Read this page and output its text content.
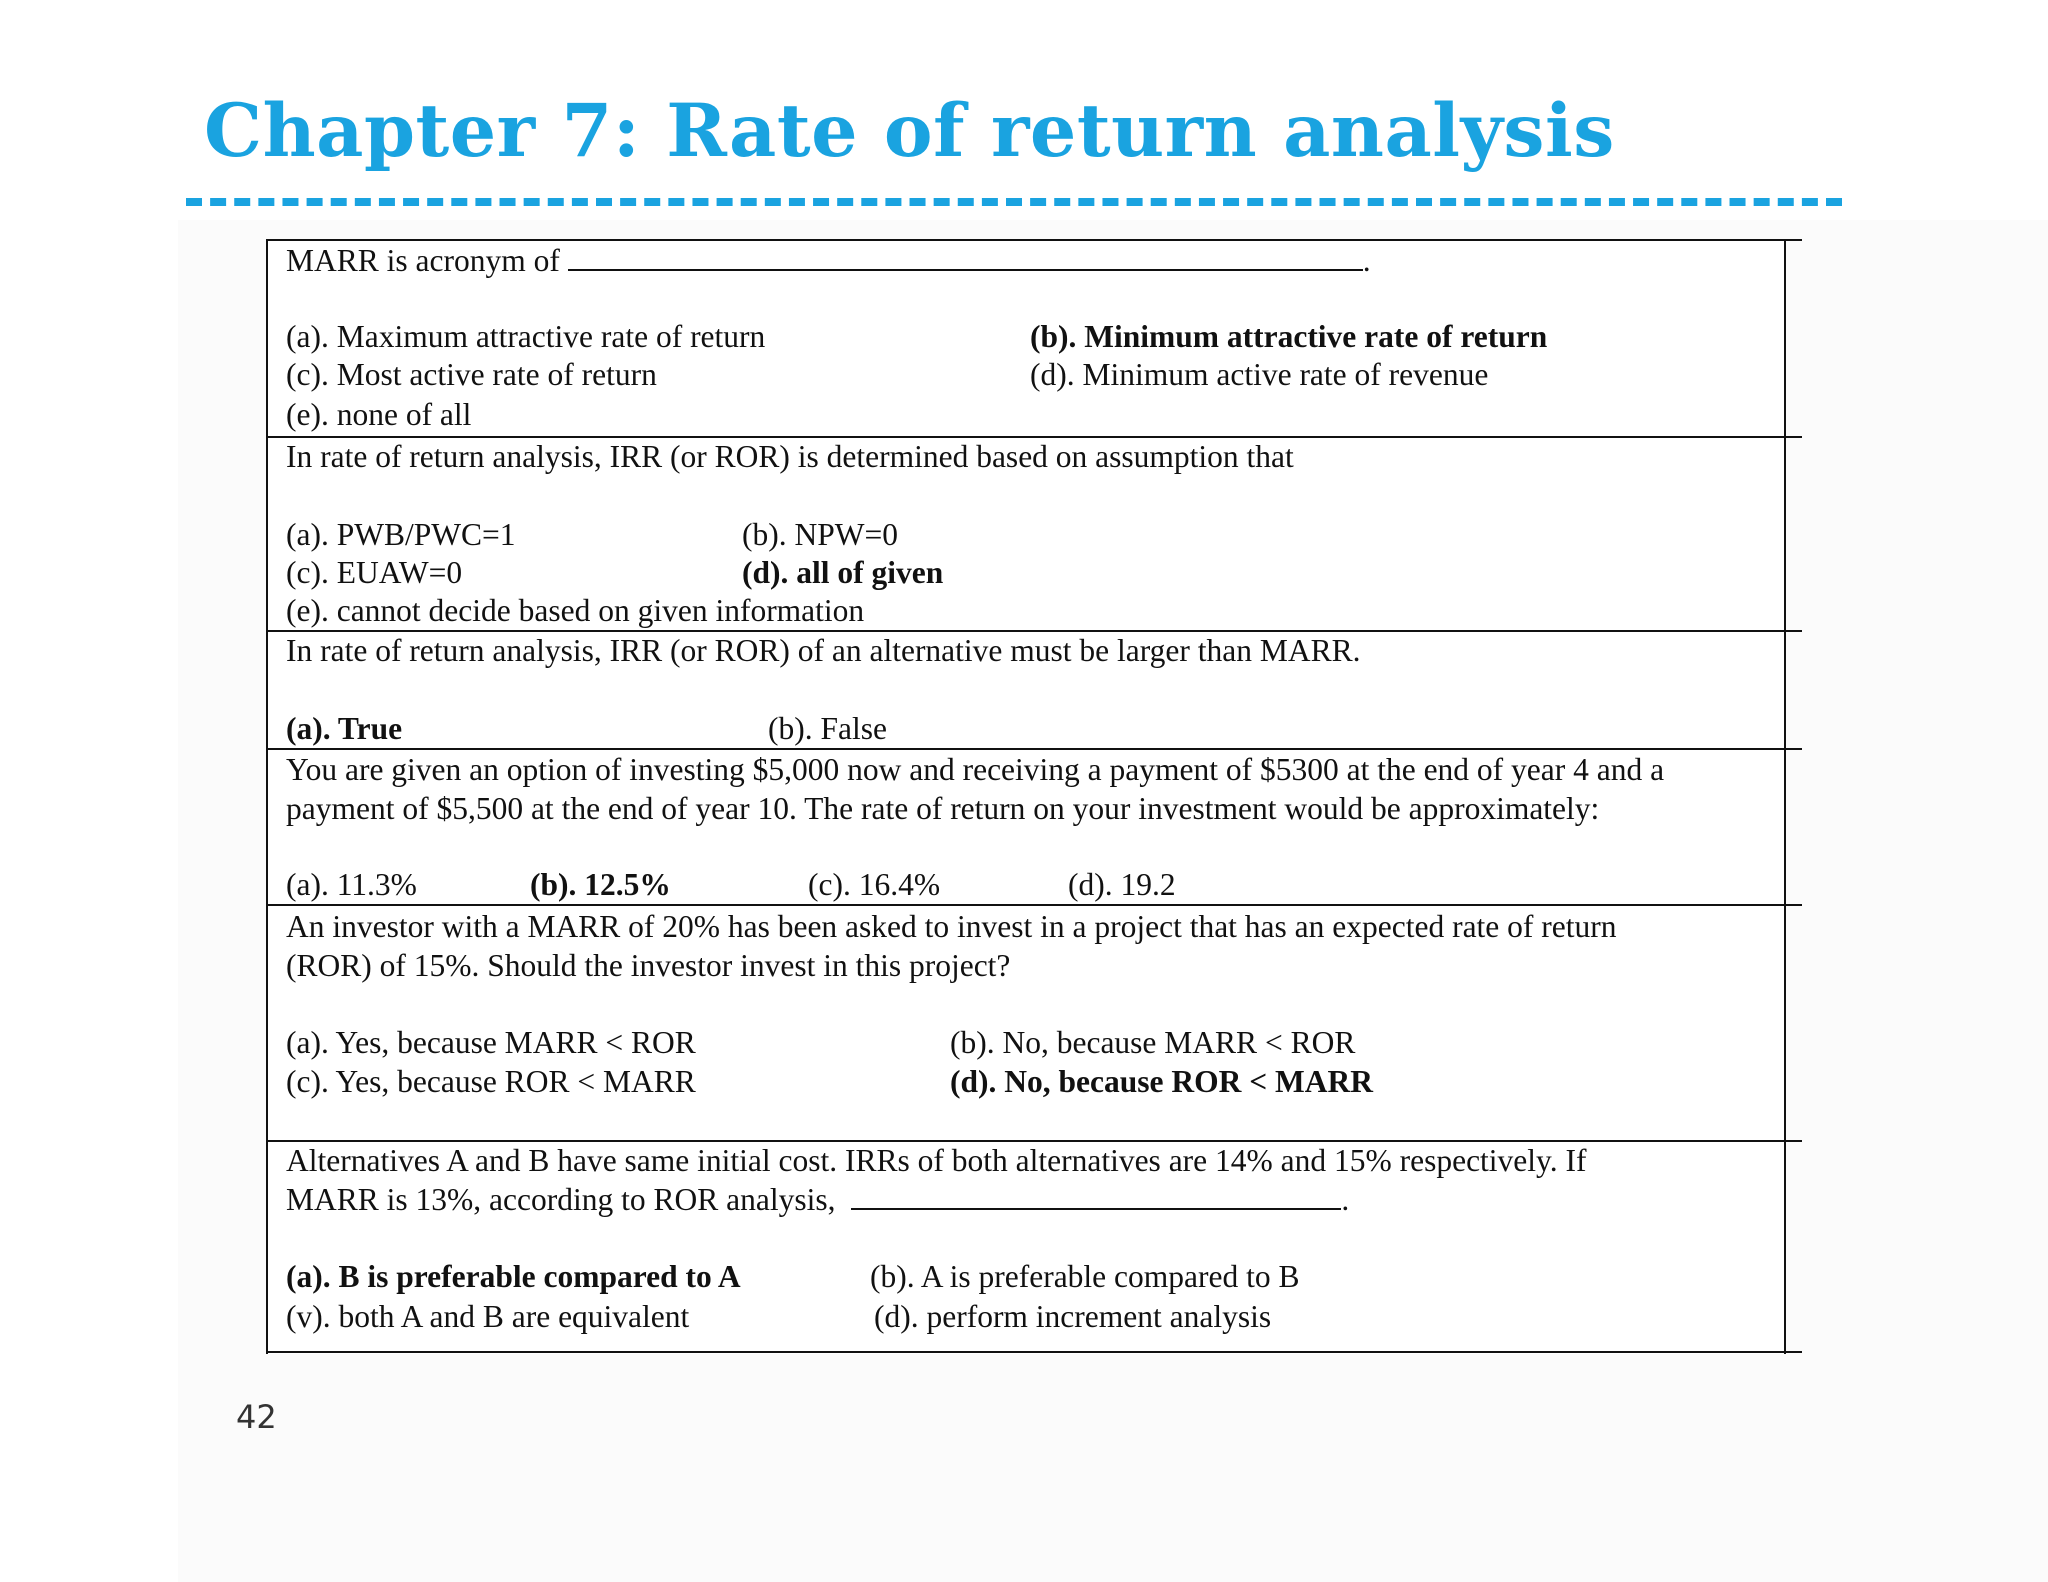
Chapter 7: Rate of return analysis
MARR is acronym of	.
(a). Maximum attractive rate of return	(b). Minimum attractive rate of return
(c). Most active rate of return	(d). Minimum active rate of revenue
(e). none of all
In rate of return analysis, IRR (or ROR) is determined based on assumption that
(a). PWB/PWC=1	(b). NPW=0
(c). EUAW=0	(d). all of given
(e). cannot decide based on given information
In rate of return analysis, IRR (or ROR) of an alternative must be larger than MARR.
(a). True	(b). False
You are given an option of investing $5,000 now and receiving a payment of $5300 at the end of year 4 and a
payment of $5,500 at the end of year 10. The rate of return on your investment would be approximately:
(a). 11.3%	(b). 12.5%	(c). 16.4%	(d). 19.2
An investor with a MARR of 20% has been asked to invest in a project that has an expected rate of return
(ROR) of 15%. Should the investor invest in this project?
(a). Yes, because MARR < ROR	(b). No, because MARR < ROR
(c). Yes, because ROR < MARR	(d). No, because ROR < MARR
Alternatives A and B have same initial cost. IRRs of both alternatives are 14% and 15% respectively. If
MARR is 13%, according to ROR analysis,	.
(a). B is preferable compared to A	(b). A is preferable compared to B
(v). both A and B are equivalent	(d). perform increment analysis
42
